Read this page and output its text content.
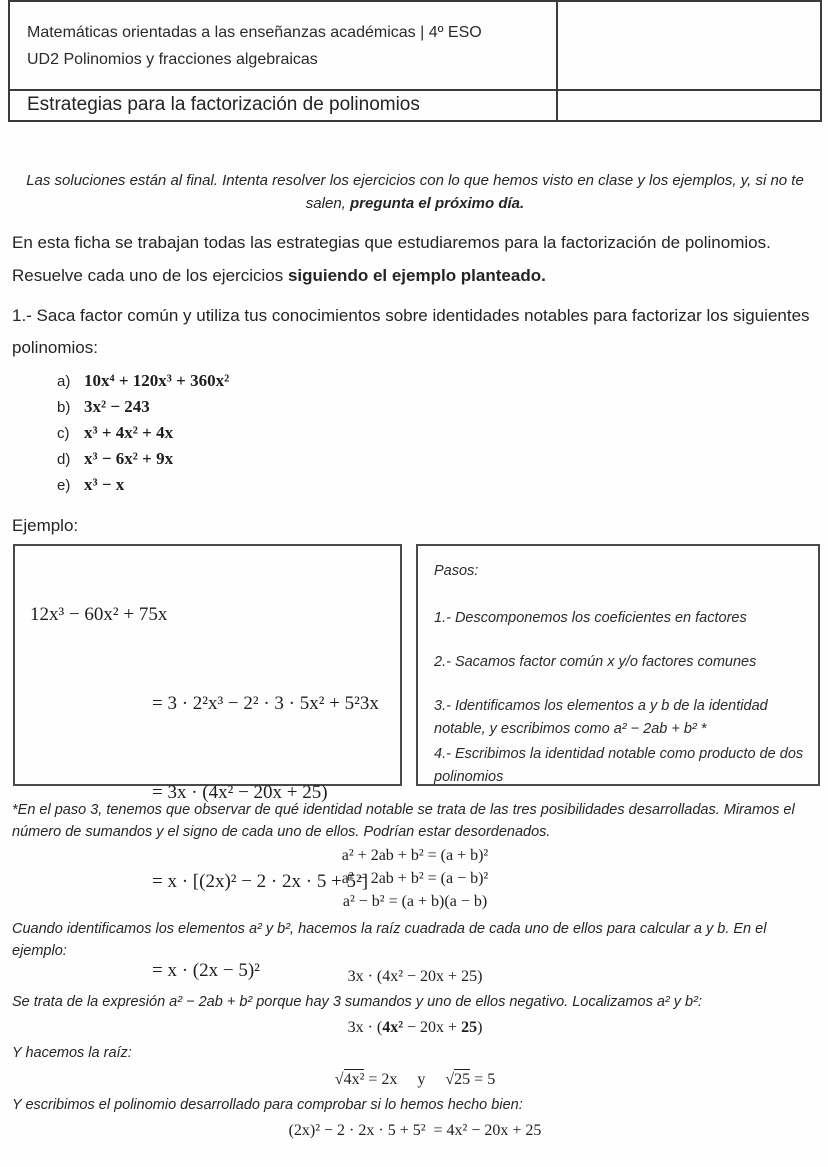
Matemáticas orientadas a las enseñanzas académicas | 4º ESO
UD2 Polinomios y fracciones algebraicas	

Estrategias para la factorización de polinomios	

Las soluciones están al final. Intenta resolver los ejercicios con lo que hemos visto en clase y los ejemplos, y, si no te salen, pregunta el próximo día.

En esta ficha se trabajan todas las estrategias que estudiaremos para la factorización de polinomios. Resuelve cada uno de los ejercicios siguiendo el ejemplo planteado.

1.- Saca factor común y utiliza tus conocimientos sobre identidades notables para factorizar los siguientes polinomios:

a) 10x⁴ + 120x³ + 360x²
b) 3x² − 243
c) x³ + 4x² + 4x
d) x³ − 6x² + 9x
e) x³ − x

Ejemplo:

12x³ − 60x² + 75x

= 3 · 2²x³ − 2² · 3 · 5x² + 5²3x

= 3x · (4x² − 20x + 25)

= x · [(2x)² − 2 · 2x · 5 + 5²]

= x · (2x − 5)²

Pasos:
1.- Descomponemos los coeficientes en factores
2.- Sacamos factor común x y/o factores comunes
3.- Identificamos los elementos a y b de la identidad notable, y escribimos como a² − 2ab + b² *
4.- Escribimos la identidad notable como producto de dos polinomios

*En el paso 3, tenemos que observar de qué identidad notable se trata de las tres posibilidades desarrolladas. Miramos el número de sumandos y el signo de cada uno de ellos. Podrían estar desordenados.

a² + 2ab + b² = (a + b)²

a² − 2ab + b² = (a − b)²

a² − b² = (a + b)(a − b)

Cuando identificamos los elementos a² y b², hacemos la raíz cuadrada de cada uno de ellos para calcular a y b. En el ejemplo:

3x · (4x² − 20x + 25)

Se trata de la expresión a² − 2ab + b² porque hay 3 sumandos y uno de ellos negativo. Localizamos a² y b²:

3x · (4x² − 20x + 25)

Y hacemos la raíz:

√4x² = 2x y √25 = 5

Y escribimos el polinomio desarrollado para comprobar si lo hemos hecho bien:

(2x)² − 2 · 2x · 5 + 5²  = 4x² − 20x + 25
